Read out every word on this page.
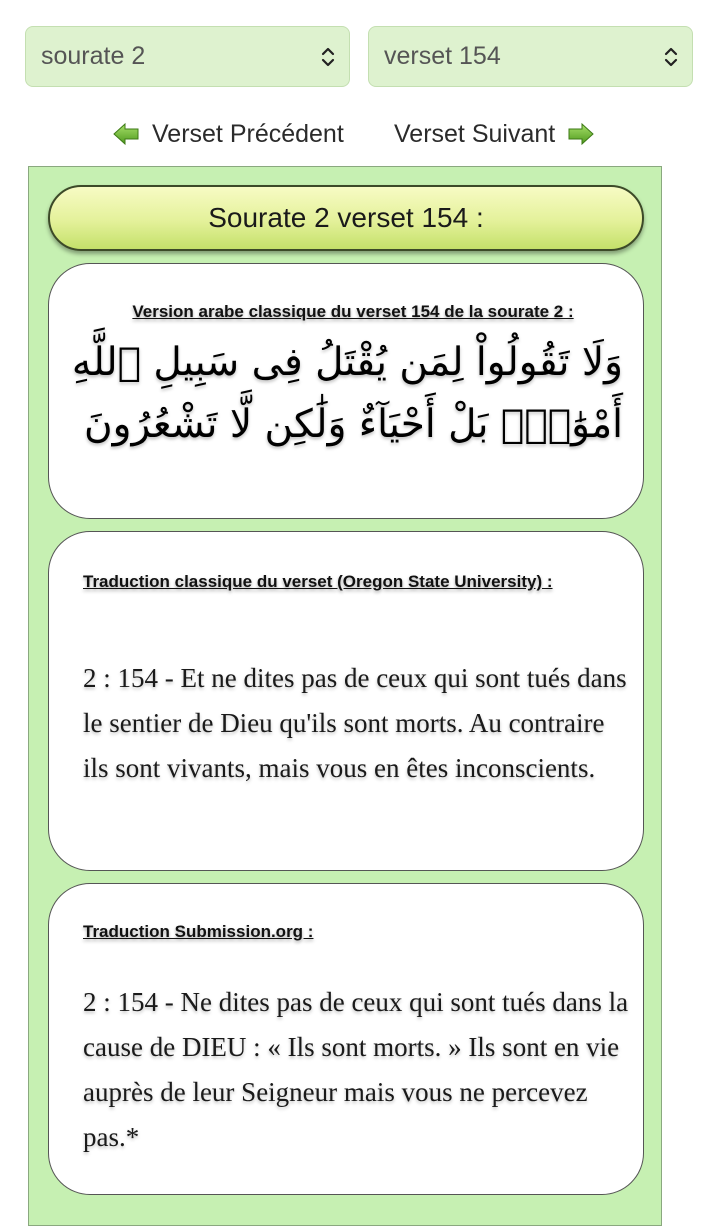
sourate 2	verset 154
Verset Précédent Verset Suivant
Sourate 2 verset 154 :
Version arabe classique du verset 154 de la sourate 2 :
وَلَا تَقُولُواْ لِمَن يُقْتَلُ فِى سَبِيلِ ٱللَّهِ أَمْوَٰتٌۢ بَلْ أَحْيَآءٌ وَلَٰكِن لَّا تَشْعُرُونَ
Traduction classique du verset (Oregon State University) :
2 : 154 - Et ne dites pas de ceux qui sont tués dans le sentier de Dieu qu'ils sont morts. Au contraire ils sont vivants, mais vous en êtes inconscients.
Traduction Submission.org :
2 : 154 - Ne dites pas de ceux qui sont tués dans la cause de DIEU : « Ils sont morts. » Ils sont en vie auprès de leur Seigneur mais vous ne percevez pas.*
